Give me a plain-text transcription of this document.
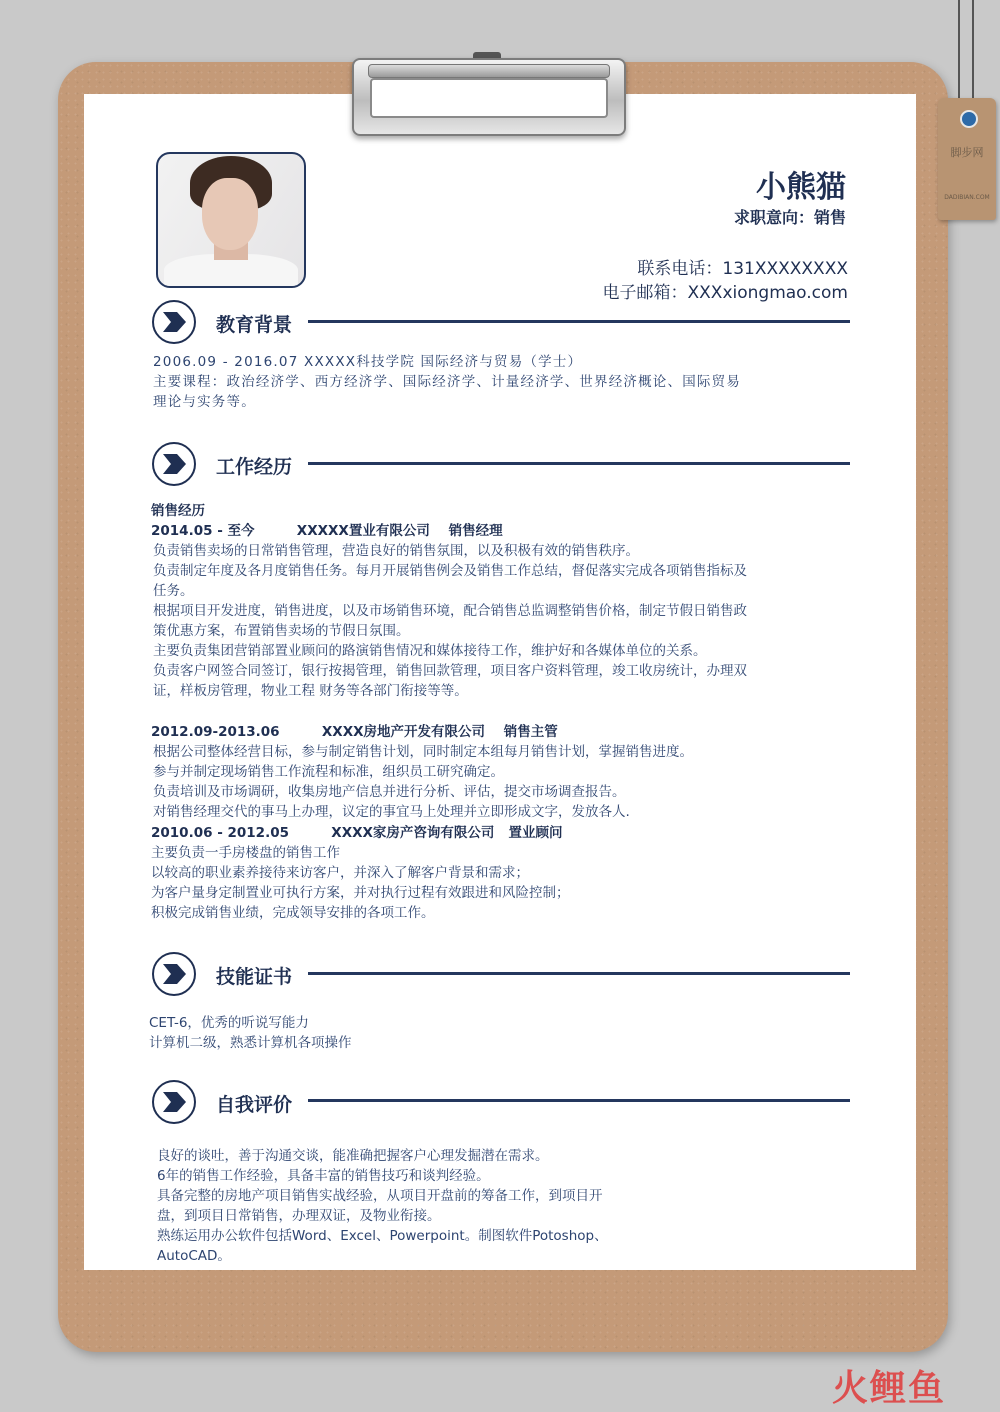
脚步网
DADIBIAN.COM
小熊猫
求职意向：销售
联系电话：131XXXXXXXX
电子邮箱：XXXxiongmao.com
教育背景
2006.09 - 2016.07 XXXXX科技学院 国际经济与贸易（学士）
主要课程：政治经济学、西方经济学、国际经济学、计量经济学、世界经济概论、国际贸易
理论与实务等。
工作经历
销售经历
2014.05 - 至今         XXXXX置业有限公司    销售经理
负责销售卖场的日常销售管理，营造良好的销售氛围，以及积极有效的销售秩序。
负责制定年度及各月度销售任务。每月开展销售例会及销售工作总结，督促落实完成各项销售指标及
任务。
根据项目开发进度，销售进度，以及市场销售环境，配合销售总监调整销售价格，制定节假日销售政
策优惠方案，布置销售卖场的节假日氛围。
主要负责集团营销部置业顾问的路演销售情况和媒体接待工作，维护好和各媒体单位的关系。
负责客户网签合同签订，银行按揭管理，销售回款管理，项目客户资料管理，竣工收房统计，办理双
证，样板房管理，物业工程 财务等各部门衔接等等。
2012.09-2013.06         XXXX房地产开发有限公司    销售主管
根据公司整体经营目标，参与制定销售计划，同时制定本组每月销售计划，掌握销售进度。
参与并制定现场销售工作流程和标准，组织员工研究确定。
负责培训及市场调研，收集房地产信息并进行分析、评估，提交市场调查报告。
对销售经理交代的事马上办理，议定的事宜马上处理并立即形成文字，发放各人.
2010.06 - 2012.05         XXXX家房产咨询有限公司   置业顾问
主要负责一手房楼盘的销售工作
以较高的职业素养接待来访客户，并深入了解客户背景和需求；
为客户量身定制置业可执行方案，并对执行过程有效跟进和风险控制；
积极完成销售业绩，完成领导安排的各项工作。
技能证书
CET-6，优秀的听说写能力
计算机二级，熟悉计算机各项操作
自我评价
良好的谈吐，善于沟通交谈，能准确把握客户心理发掘潜在需求。
6年的销售工作经验，具备丰富的销售技巧和谈判经验。
具备完整的房地产项目销售实战经验，从项目开盘前的筹备工作，到项目开
盘，到项目日常销售，办理双证，及物业衔接。
熟练运用办公软件包括Word、Excel、Powerpoint。制图软件Potoshop、
AutoCAD。
火鲤鱼
